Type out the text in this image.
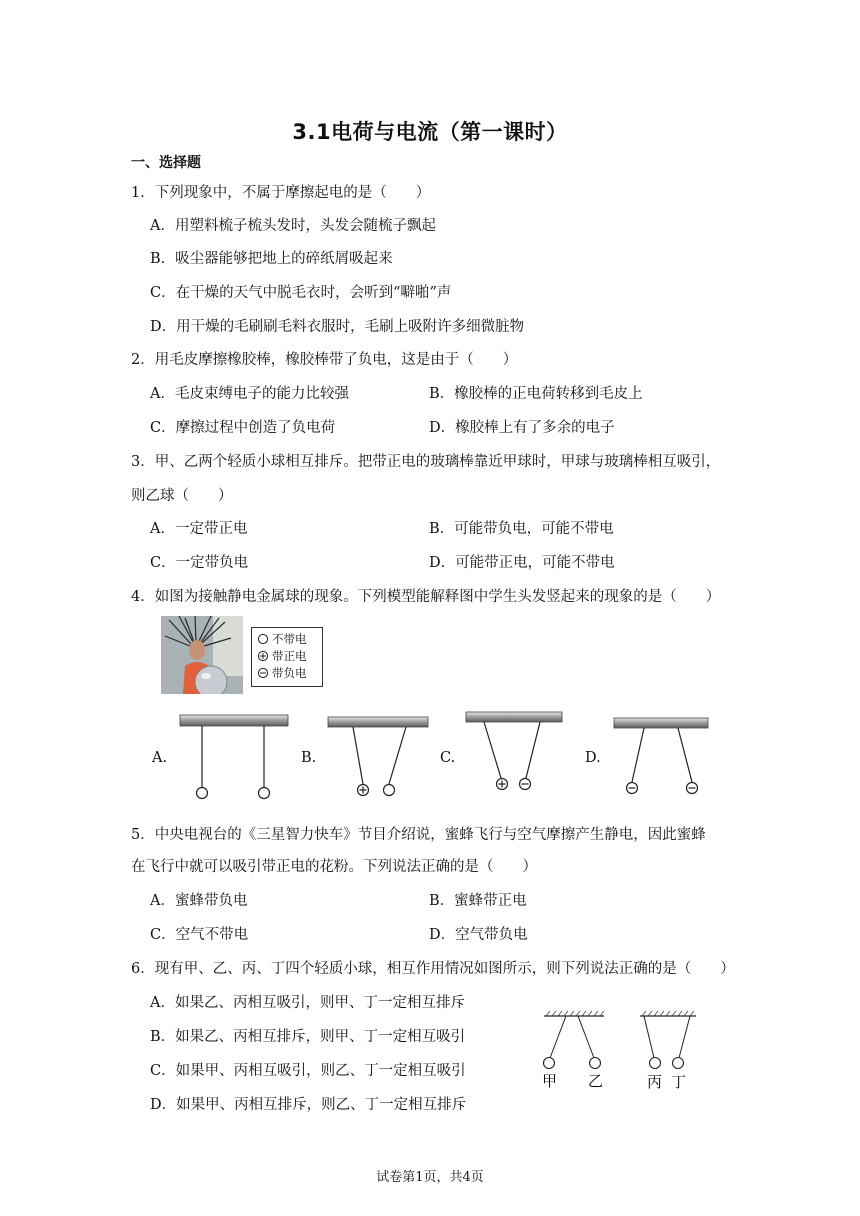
3.1电荷与电流（第一课时）
一、选择题
1．下列现象中，不属于摩擦起电的是（　　）
A．用塑料梳子梳头发时，头发会随梳子飘起
B．吸尘器能够把地上的碎纸屑吸起来
C．在干燥的天气中脱毛衣时，会听到“噼啪”声
D．用干燥的毛刷刷毛料衣服时，毛刷上吸附许多细微脏物
2．用毛皮摩擦橡胶棒，橡胶棒带了负电，这是由于（　　）
A．毛皮束缚电子的能力比较强	B．橡胶棒的正电荷转移到毛皮上
C．摩擦过程中创造了负电荷	D．橡胶棒上有了多余的电子
3．甲、乙两个轻质小球相互排斥。把带正电的玻璃棒靠近甲球时，甲球与玻璃棒相互吸引，
则乙球（　　）
A．一定带正电	B．可能带负电，可能不带电
C．一定带负电	D．可能带正电，可能不带电
4．如图为接触静电金属球的现象。下列模型能解释图中学生头发竖起来的现象的是（　　）
不带电
带正电
带负电
A.	B.	C.	D.
5．中央电视台的《三星智力快车》节目介绍说，蜜蜂飞行与空气摩擦产生静电，因此蜜蜂
在飞行中就可以吸引带正电的花粉。下列说法正确的是（　　）
A．蜜蜂带负电	B．蜜蜂带正电
C．空气不带电	D．空气带负电
6．现有甲、乙、丙、丁四个轻质小球，相互作用情况如图所示，则下列说法正确的是（　　）
A．如果乙、丙相互吸引，则甲、丁一定相互排斥
B．如果乙、丙相互排斥，则甲、丁一定相互吸引
C．如果甲、丙相互吸引，则乙、丁一定相互吸引
D．如果甲、丙相互排斥，则乙、丁一定相互排斥
甲 乙	丙 丁
试卷第1页，共4页
